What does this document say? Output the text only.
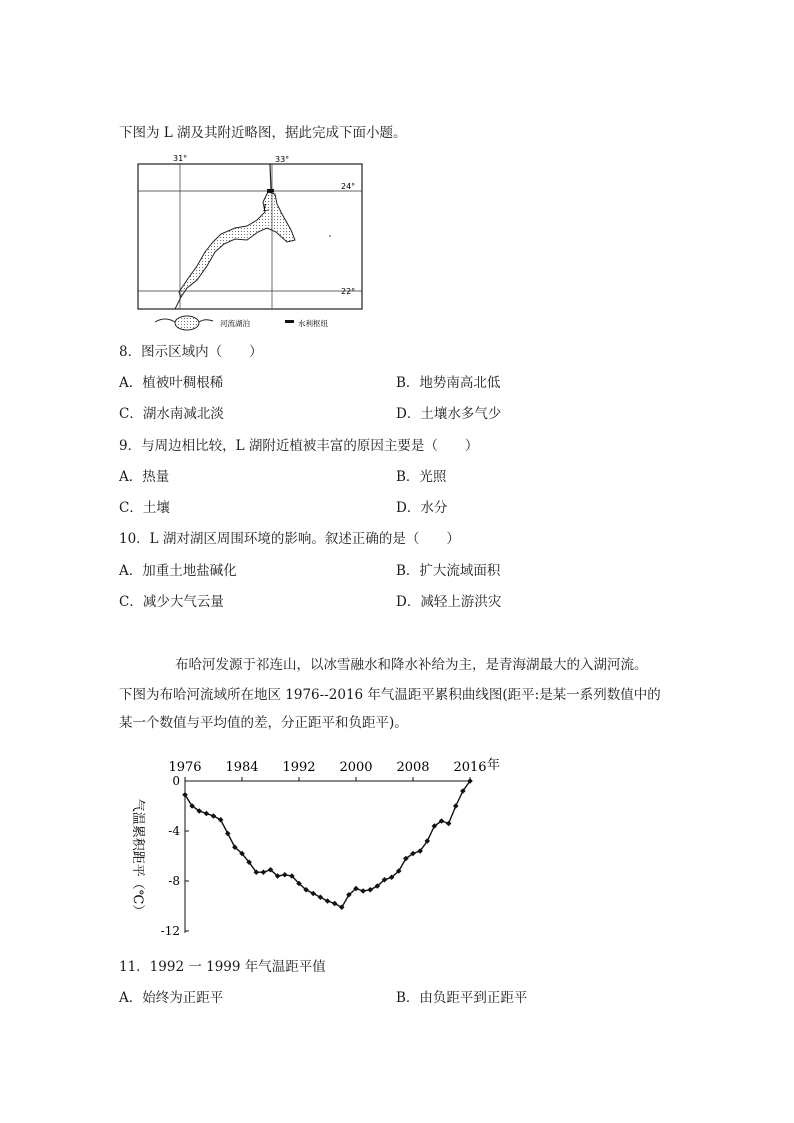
下图为 L 湖及其附近略图，据此完成下面小题。
31°	33°
24°
22°
L
河流湖泊	水利枢纽
8．图示区域内（　　）
A．植被叶稠根稀	B．地势南高北低
C．湖水南减北淡	D．土壤水多气少
9．与周边相比较，L 湖附近植被丰富的原因主要是（　　）
A．热量	B．光照
C．土壤	D．水分
10．L 湖对湖区周围环境的影响。叙述正确的是（　　）
A．加重土地盐碱化	B．扩大流域面积
C．减少大气云量	D．减轻上游洪灾
布哈河发源于祁连山，以冰雪融水和降水补给为主，是青海湖最大的入湖河流。
下图为布哈河流域所在地区 1976--2016 年气温距平累积曲线图(距平:是某一系列数值中的
某一个数值与平均值的差，分正距平和负距平)。
1976 1984 1992 2000 2008 2016 年
0
-4
-8
-12
气温累积距平（℃）
11．1992 一 1999 年气温距平值
A．始终为正距平	B．由负距平到正距平
